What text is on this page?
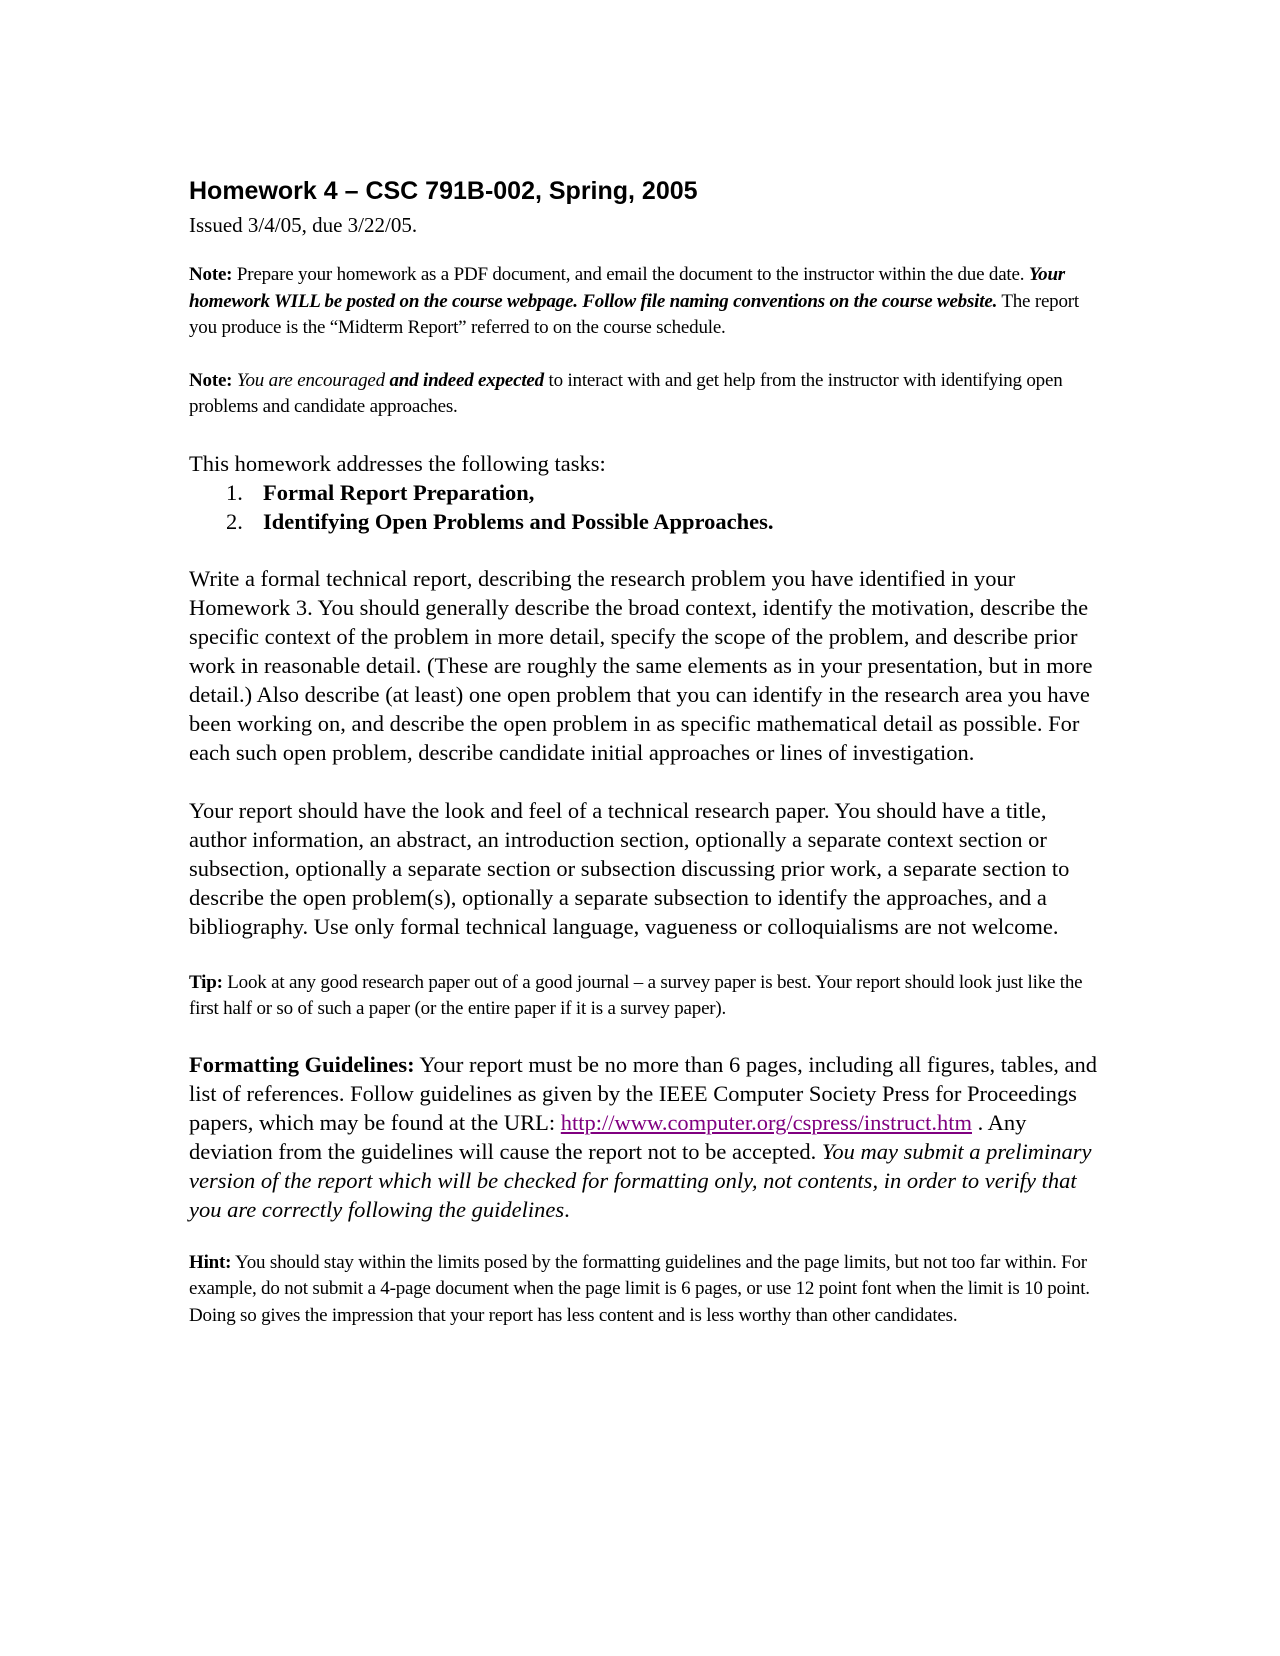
Homework 4 – CSC 791B-002, Spring, 2005

Issued 3/4/05, due 3/22/05.

Note: Prepare your homework as a PDF document, and email the document to the instructor within the due date. Your homework WILL be posted on the course webpage. Follow file naming conventions on the course website. The report you produce is the “Midterm Report” referred to on the course schedule.

Note: You are encouraged and indeed expected to interact with and get help from the instructor with identifying open problems and candidate approaches.

This homework addresses the following tasks:

1. Formal Report Preparation,
2. Identifying Open Problems and Possible Approaches.

Write a formal technical report, describing the research problem you have identified in your Homework 3. You should generally describe the broad context, identify the motivation, describe the specific context of the problem in more detail, specify the scope of the problem, and describe prior work in reasonable detail. (These are roughly the same elements as in your presentation, but in more detail.) Also describe (at least) one open problem that you can identify in the research area you have been working on, and describe the open problem in as specific mathematical detail as possible. For each such open problem, describe candidate initial approaches or lines of investigation.

Your report should have the look and feel of a technical research paper. You should have a title, author information, an abstract, an introduction section, optionally a separate context section or subsection, optionally a separate section or subsection discussing prior work, a separate section to describe the open problem(s), optionally a separate subsection to identify the approaches, and a bibliography. Use only formal technical language, vagueness or colloquialisms are not welcome.

Tip: Look at any good research paper out of a good journal – a survey paper is best. Your report should look just like the first half or so of such a paper (or the entire paper if it is a survey paper).

Formatting Guidelines: Your report must be no more than 6 pages, including all figures, tables, and list of references. Follow guidelines as given by the IEEE Computer Society Press for Proceedings papers, which may be found at the URL: http://www.computer.org/cspress/instruct.htm . Any deviation from the guidelines will cause the report not to be accepted. You may submit a preliminary version of the report which will be checked for formatting only, not contents, in order to verify that you are correctly following the guidelines.

Hint: You should stay within the limits posed by the formatting guidelines and the page limits, but not too far within. For example, do not submit a 4-page document when the page limit is 6 pages, or use 12 point font when the limit is 10 point. Doing so gives the impression that your report has less content and is less worthy than other candidates.
